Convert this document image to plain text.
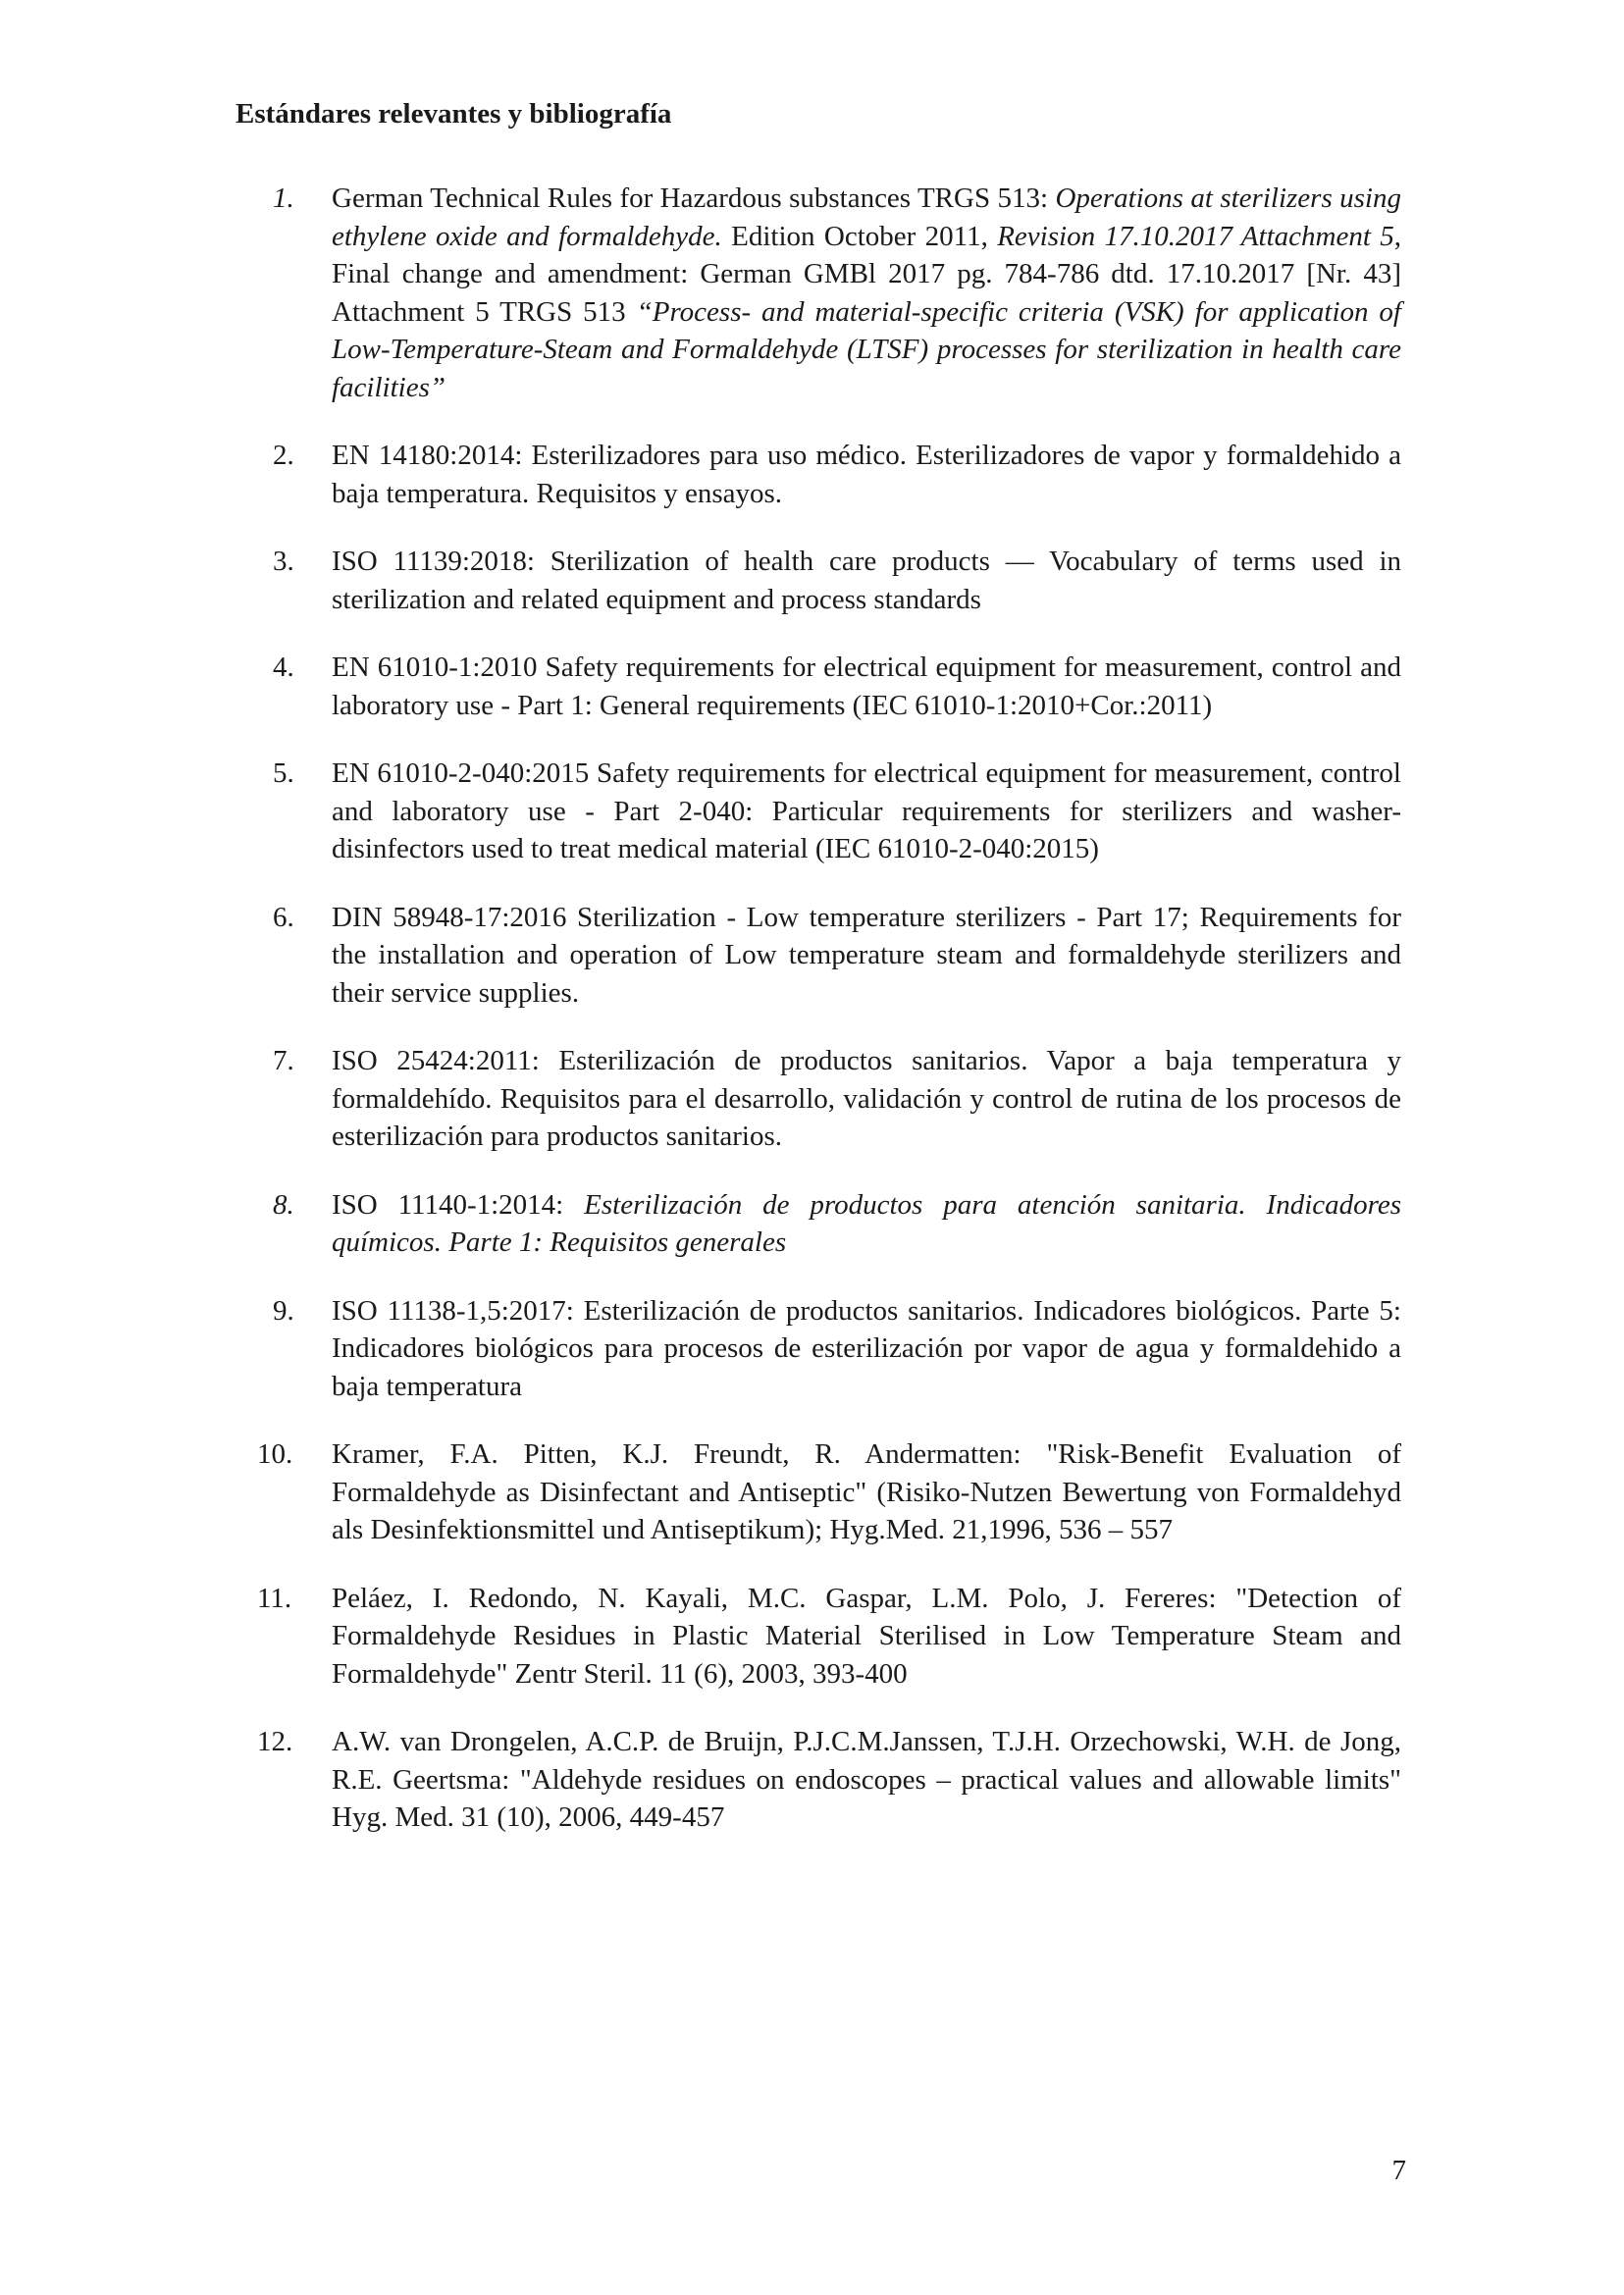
Estándares relevantes y bibliografía
1.	German Technical Rules for Hazardous substances TRGS 513: Operations at sterilizers using ethylene oxide and formaldehyde. Edition October 2011, Revision 17.10.2017 Attachment 5, Final change and amendment: German GMBl 2017 pg. 784-786 dtd. 17.10.2017 [Nr. 43] Attachment 5 TRGS 513 “Process- and material-specific criteria (VSK) for application of Low-Temperature-Steam and Formaldehyde (LTSF) processes for sterilization in health care facilities”
2.	EN 14180:2014: Esterilizadores para uso médico. Esterilizadores de vapor y formaldehido a baja temperatura. Requisitos y ensayos.
3.	ISO 11139:2018: Sterilization of health care products — Vocabulary of terms used in sterilization and related equipment and process standards
4.	EN 61010-1:2010 Safety requirements for electrical equipment for measurement, control and laboratory use - Part 1: General requirements (IEC 61010-1:2010+Cor.:2011)
5.	EN 61010-2-040:2015 Safety requirements for electrical equipment for measurement, control and laboratory use - Part 2-040: Particular requirements for sterilizers and washer-disinfectors used to treat medical material (IEC 61010-2-040:2015)
6.	DIN 58948-17:2016 Sterilization - Low temperature sterilizers - Part 17; Requirements for the installation and operation of Low temperature steam and formaldehyde sterilizers and their service supplies.
7.	ISO 25424:2011: Esterilización de productos sanitarios. Vapor a baja temperatura y formaldehído. Requisitos para el desarrollo, validación y control de rutina de los procesos de esterilización para productos sanitarios.
8.	ISO 11140-1:2014: Esterilización de productos para atención sanitaria. Indicadores químicos. Parte 1: Requisitos generales
9.	ISO 11138-1,5:2017: Esterilización de productos sanitarios. Indicadores biológicos. Parte 5: Indicadores biológicos para procesos de esterilización por vapor de agua y formaldehido a baja temperatura
10.	Kramer, F.A. Pitten, K.J. Freundt, R. Andermatten: "Risk-Benefit Evaluation of Formaldehyde as Disinfectant and Antiseptic" (Risiko-Nutzen Bewertung von Formaldehyd als Desinfektionsmittel und Antiseptikum); Hyg.Med. 21,1996, 536 – 557
11.	Peláez, I. Redondo, N. Kayali, M.C. Gaspar, L.M. Polo, J. Fereres: "Detection of Formaldehyde Residues in Plastic Material Sterilised in Low Temperature Steam and Formaldehyde" Zentr Steril. 11 (6), 2003, 393-400
12.	A.W. van Drongelen, A.C.P. de Bruijn, P.J.C.M.Janssen, T.J.H. Orzechowski, W.H. de Jong, R.E. Geertsma: "Aldehyde residues on endoscopes – practical values and allowable limits" Hyg. Med. 31 (10), 2006, 449-457
7
